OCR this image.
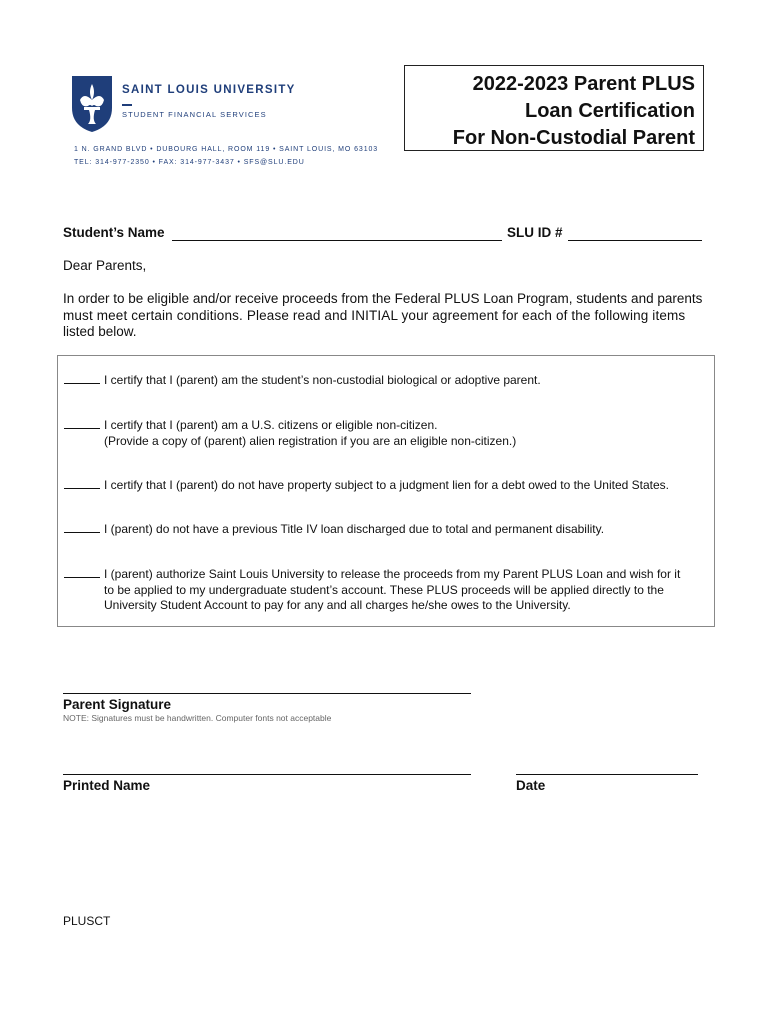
SAINT LOUIS UNIVERSITY
STUDENT FINANCIAL SERVICES
1 N. GRAND BLVD • DUBOURG HALL, ROOM 119 • SAINT LOUIS, MO 63103
TEL: 314-977-2350 • FAX: 314-977-3437 • SFS@SLU.EDU
2022-2023 Parent PLUS
Loan Certification
For Non-Custodial Parent
Student’s Name	SLU ID #
Dear Parents,
In order to be eligible and/or receive proceeds from the Federal PLUS Loan Program, students and parents
must meet certain conditions. Please read and INITIAL your agreement for each of the following items
listed below.
I certify that I (parent) am the student’s non-custodial biological or adoptive parent.
I certify that I (parent) am a U.S. citizens or eligible non-citizen.
(Provide a copy of (parent) alien registration if you are an eligible non-citizen.)
I certify that I (parent) do not have property subject to a judgment lien for a debt owed to the United States.
I (parent) do not have a previous Title IV loan discharged due to total and permanent disability.
I (parent) authorize Saint Louis University to release the proceeds from my Parent PLUS Loan and wish for it
to be applied to my undergraduate student’s account. These PLUS proceeds will be applied directly to the
University Student Account to pay for any and all charges he/she owes to the University.
Parent Signature
NOTE: Signatures must be handwritten. Computer fonts not acceptable
Printed Name	Date
PLUSCT
